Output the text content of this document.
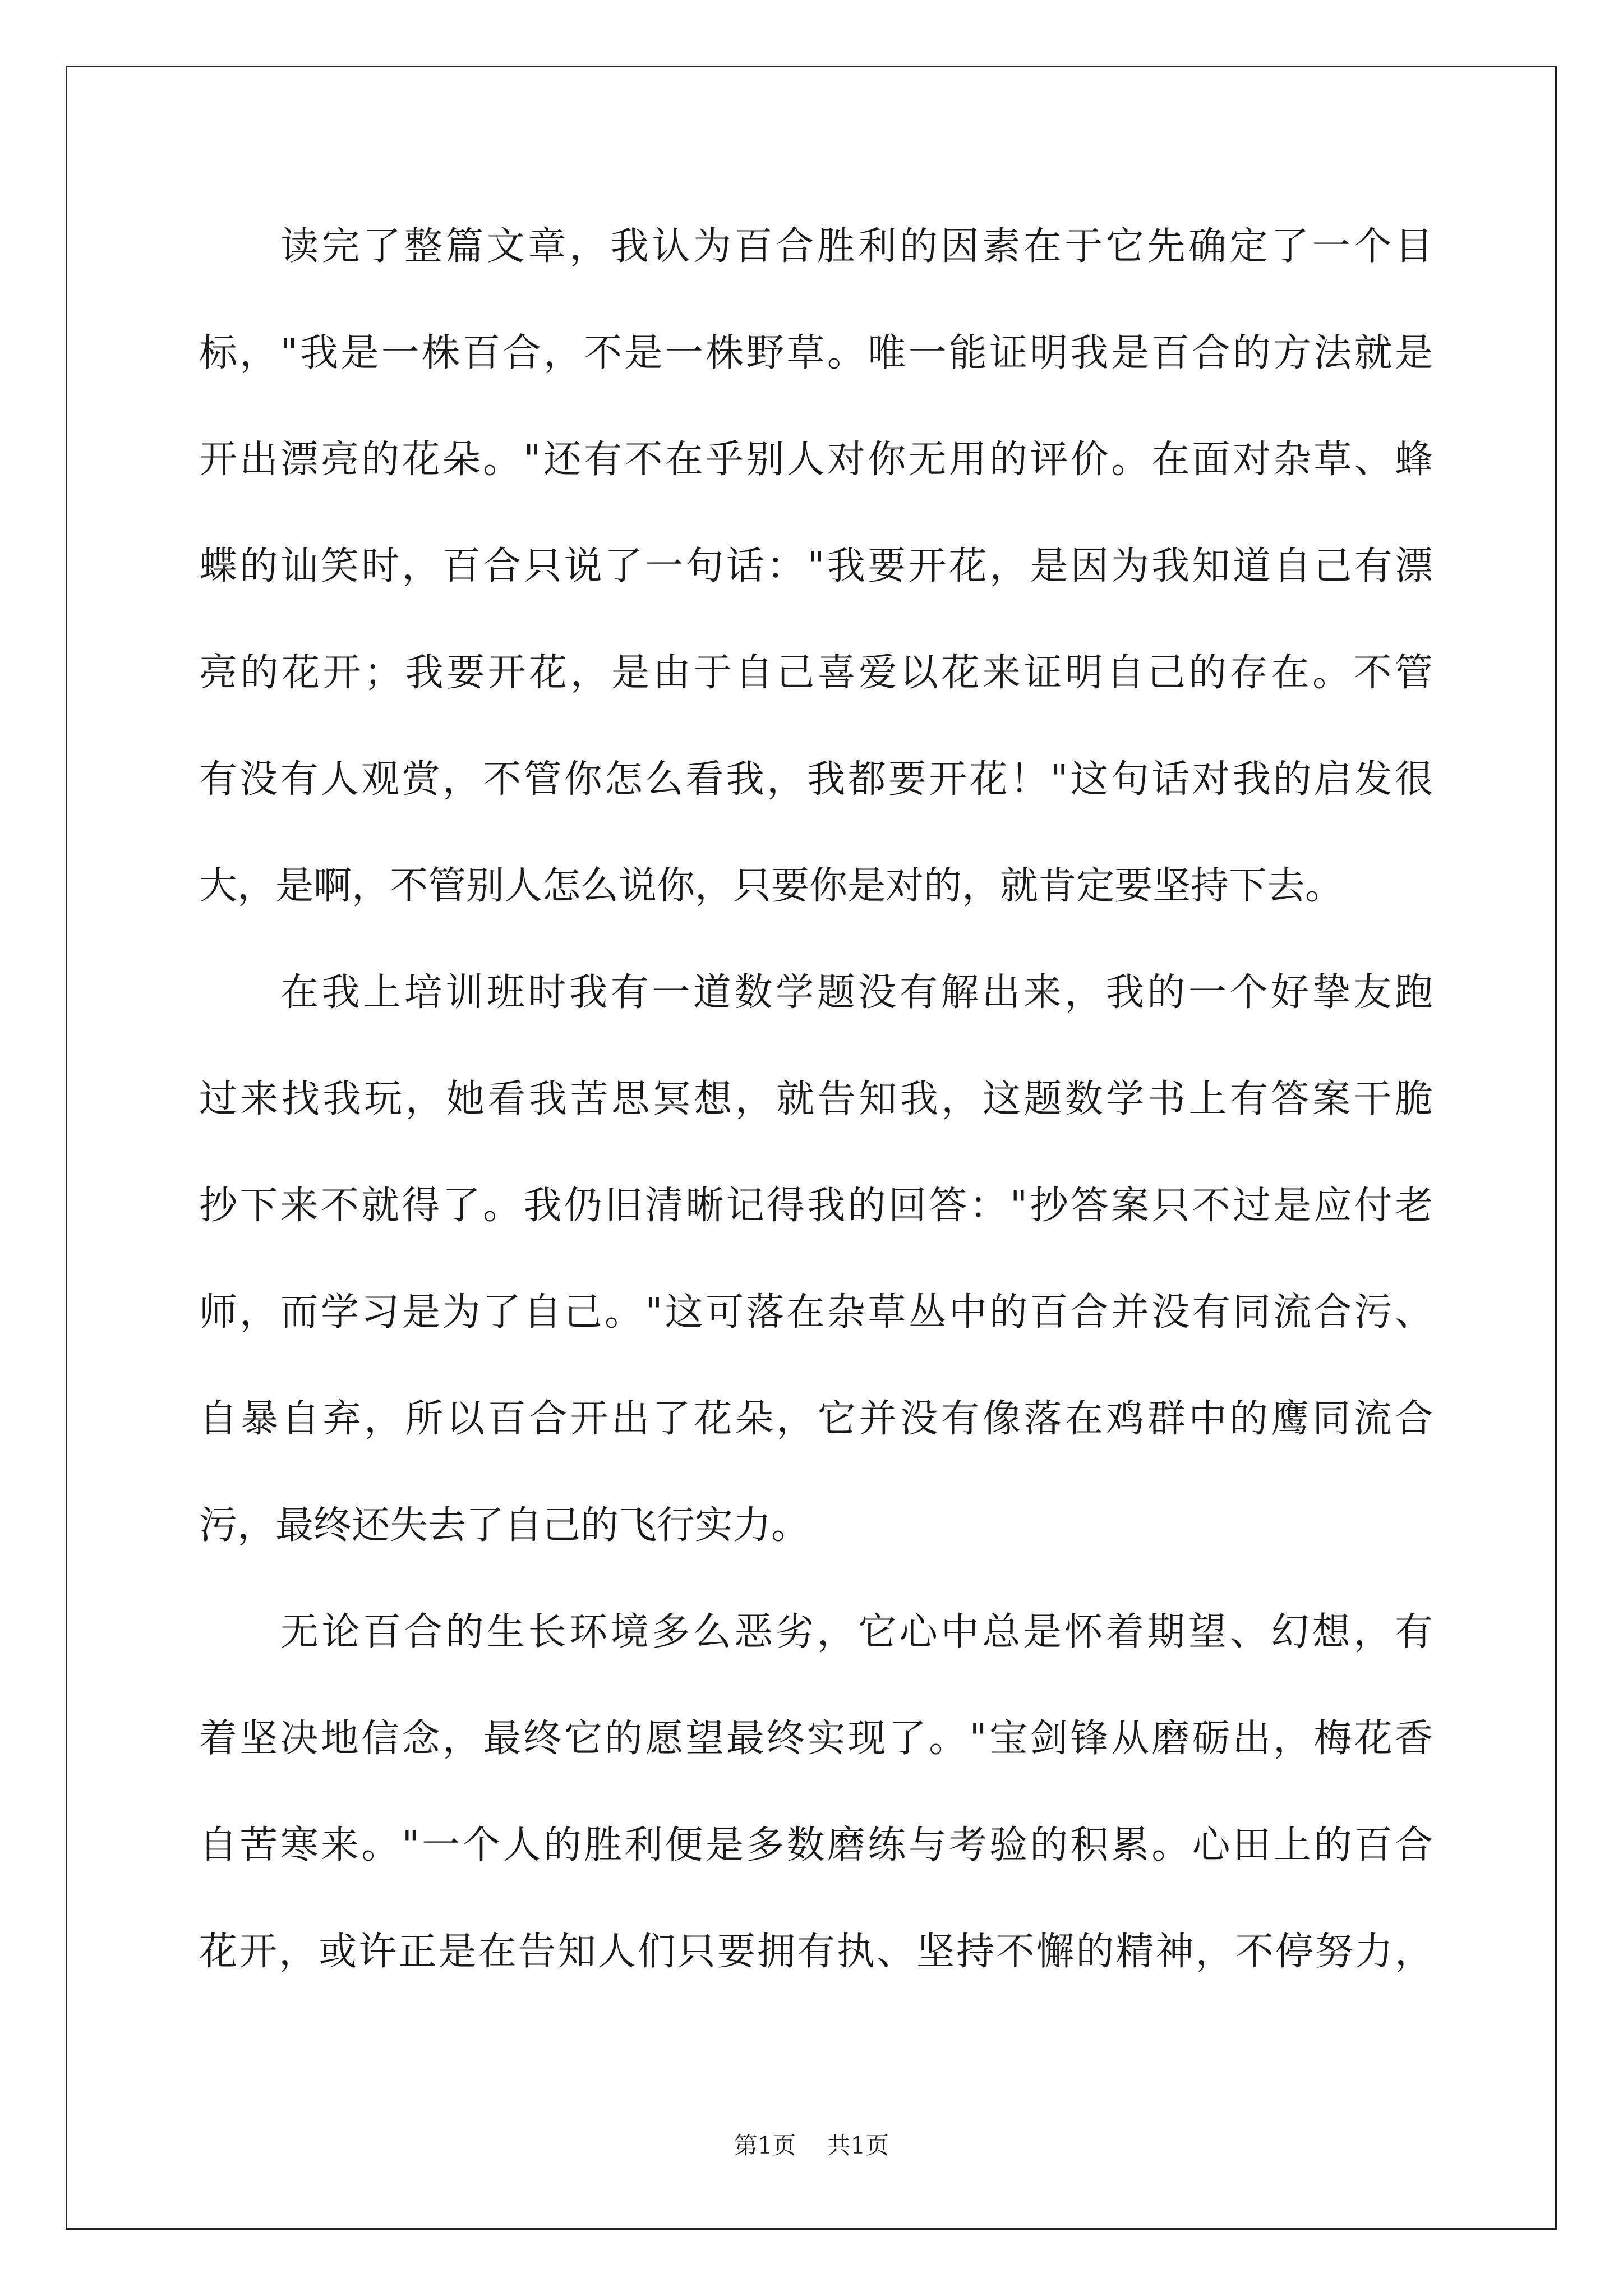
读完了整篇文章，我认为百合胜利的因素在于它先确定了一个目

标，"我是一株百合，不是一株野草。唯一能证明我是百合的方法就是

开出漂亮的花朵。"还有不在乎别人对你无用的评价。在面对杂草、蜂

蝶的讪笑时，百合只说了一句话："我要开花，是因为我知道自己有漂

亮的花开；我要开花，是由于自己喜爱以花来证明自己的存在。不管

有没有人观赏，不管你怎么看我，我都要开花！"这句话对我的启发很

大，是啊，不管别人怎么说你，只要你是对的，就肯定要坚持下去。

在我上培训班时我有一道数学题没有解出来，我的一个好挚友跑

过来找我玩，她看我苦思冥想，就告知我，这题数学书上有答案干脆

抄下来不就得了。我仍旧清晰记得我的回答："抄答案只不过是应付老

师，而学习是为了自己。"这可落在杂草丛中的百合并没有同流合污、

自暴自弃，所以百合开出了花朵，它并没有像落在鸡群中的鹰同流合

污，最终还失去了自己的飞行实力。

无论百合的生长环境多么恶劣，它心中总是怀着期望、幻想，有

着坚决地信念，最终它的愿望最终实现了。"宝剑锋从磨砺出，梅花香

自苦寒来。"一个人的胜利便是多数磨练与考验的积累。心田上的百合

花开，或许正是在告知人们只要拥有执、坚持不懈的精神，不停努力，

第1页 共1页
